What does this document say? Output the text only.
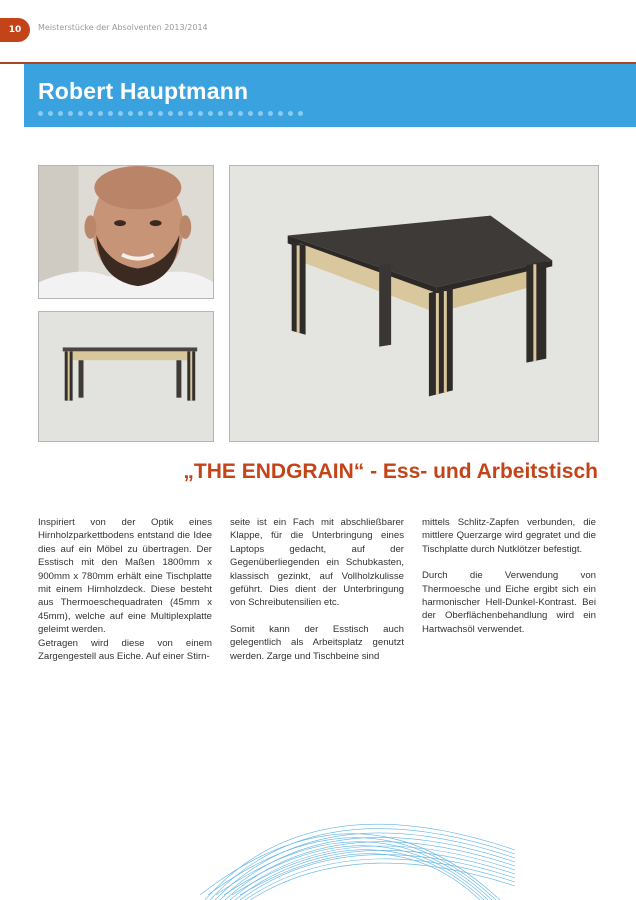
10	Meisterstücke der Absolventen 2013/2014
Robert Hauptmann
„THE ENDGRAIN“ - Ess- und Arbeitstisch

Inspiriert von der Optik eines Hirnholzparkettbodens entstand die Idee dies auf ein Möbel zu übertragen. Der Esstisch mit den Maßen 1800mm x 900mm x 780mm erhält eine Tischplatte mit einem Hirnholzdeck. Diese besteht aus Thermoeschequadraten (45mm x 45mm), welche auf eine Multiplexplatte geleimt werden.

Getragen wird diese von einem Zargengestell aus Eiche. Auf einer Stirn-

seite ist ein Fach mit abschließbarer Klappe, für die Unterbringung eines Laptops gedacht, auf der Gegenüberliegenden ein Schubkasten, klassisch gezinkt, auf Vollholzkulisse geführt. Dies dient der Unterbringung von Schreibutensilien etc.

Somit kann der Esstisch auch gelegentlich als Arbeitsplatz genutzt werden. Zarge und Tischbeine sind

mittels Schlitz-Zapfen verbunden, die mittlere Querzarge wird gegratet und die Tischplatte durch Nutklötzer befestigt.

Durch die Verwendung von Thermoesche und Eiche ergibt sich ein harmonischer Hell-Dunkel-Kontrast. Bei der Oberflächenbehandlung wird ein Hartwachsöl verwendet.
